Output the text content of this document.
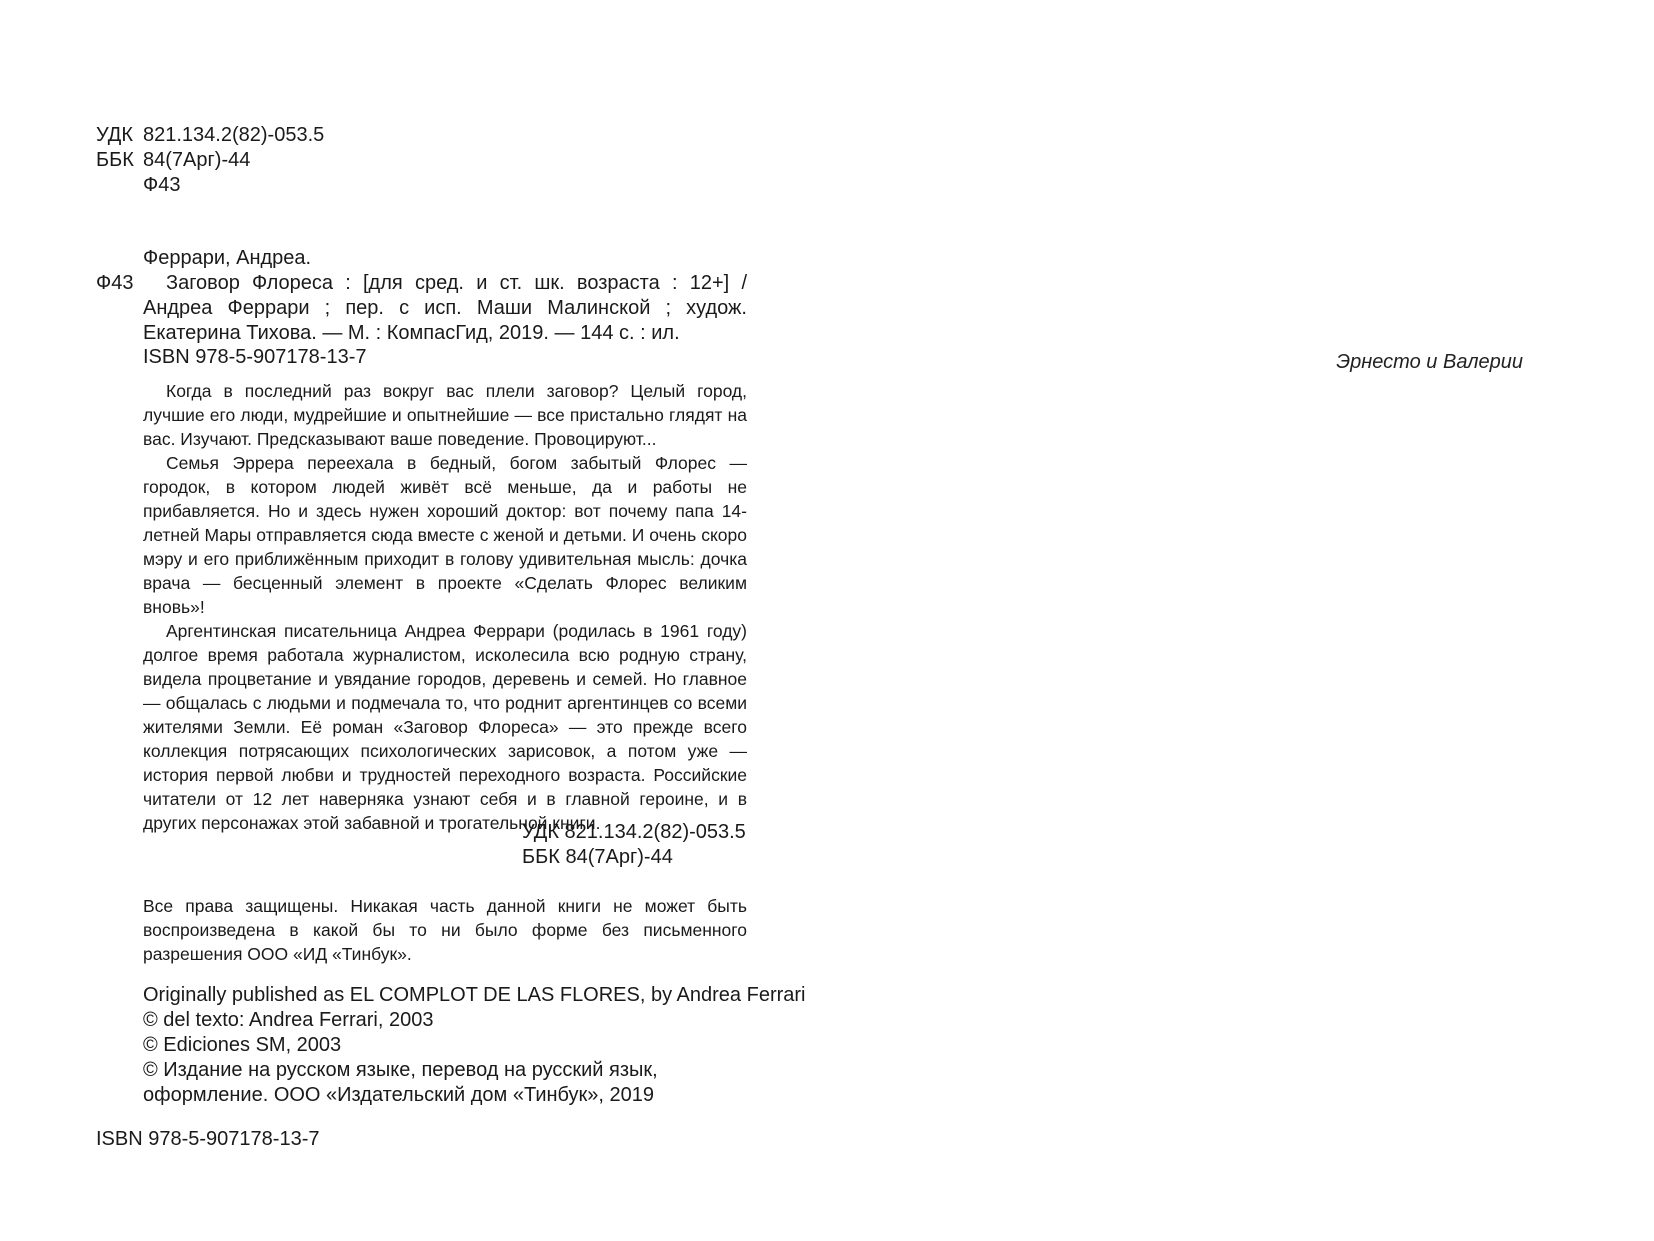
УДК 821.134.2(82)-053.5
ББК 84(7Арг)-44
Ф43
Феррари, Андреа.
Ф43	Заговор Флореса : [для сред. и ст. шк. возраста : 12+] / Андреа Феррари ; пер. с исп. Маши Малинской ; худож. Екатерина Тихова. — М. : КомпасГид, 2019. — 144 с. : ил.
ISBN 978-5-907178-13-7

Когда в последний раз вокруг вас плели заговор? Целый город, лучшие его люди, мудрейшие и опытнейшие — все пристально глядят на вас. Изучают. Предсказывают ваше поведение. Провоцируют...

Семья Эррера переехала в бедный, богом забытый Флорес — городок, в котором людей живёт всё меньше, да и работы не прибавляется. Но и здесь нужен хороший доктор: вот почему папа 14-летней Мары отправляется сюда вместе с женой и детьми. И очень скоро мэру и его приближённым приходит в голову удивительная мысль: дочка врача — бесценный элемент в проекте «Сделать Флорес великим вновь»!

Аргентинская писательница Андреа Феррари (родилась в 1961 году) долгое время работала журналистом, исколесила всю родную страну, видела процветание и увядание городов, деревень и семей. Но главное — общалась с людьми и подмечала то, что роднит аргентинцев со всеми жителями Земли. Её роман «Заговор Флореса» — это прежде всего коллекция потрясающих психологических зарисовок, а потом уже — история первой любви и трудностей переходного возраста. Российские читатели от 12 лет наверняка узнают себя и в главной героине, и в других персонажах этой забавной и трогательной книги.

УДК 821.134.2(82)-053.5
ББК 84(7Арг)-44
Все права защищены. Никакая часть данной книги не может быть воспроизведена в какой бы то ни было форме без письменного разрешения ООО «ИД «Тинбук».
Originally published as EL COMPLOT DE LAS FLORES, by Andrea Ferrari
© del texto: Andrea Ferrari, 2003
© Ediciones SM, 2003
© Издание на русском языке, перевод на русский язык, оформление. ООО «Издательский дом «Тинбук», 2019
ISBN 978-5-907178-13-7
Эрнесто и Валерии
